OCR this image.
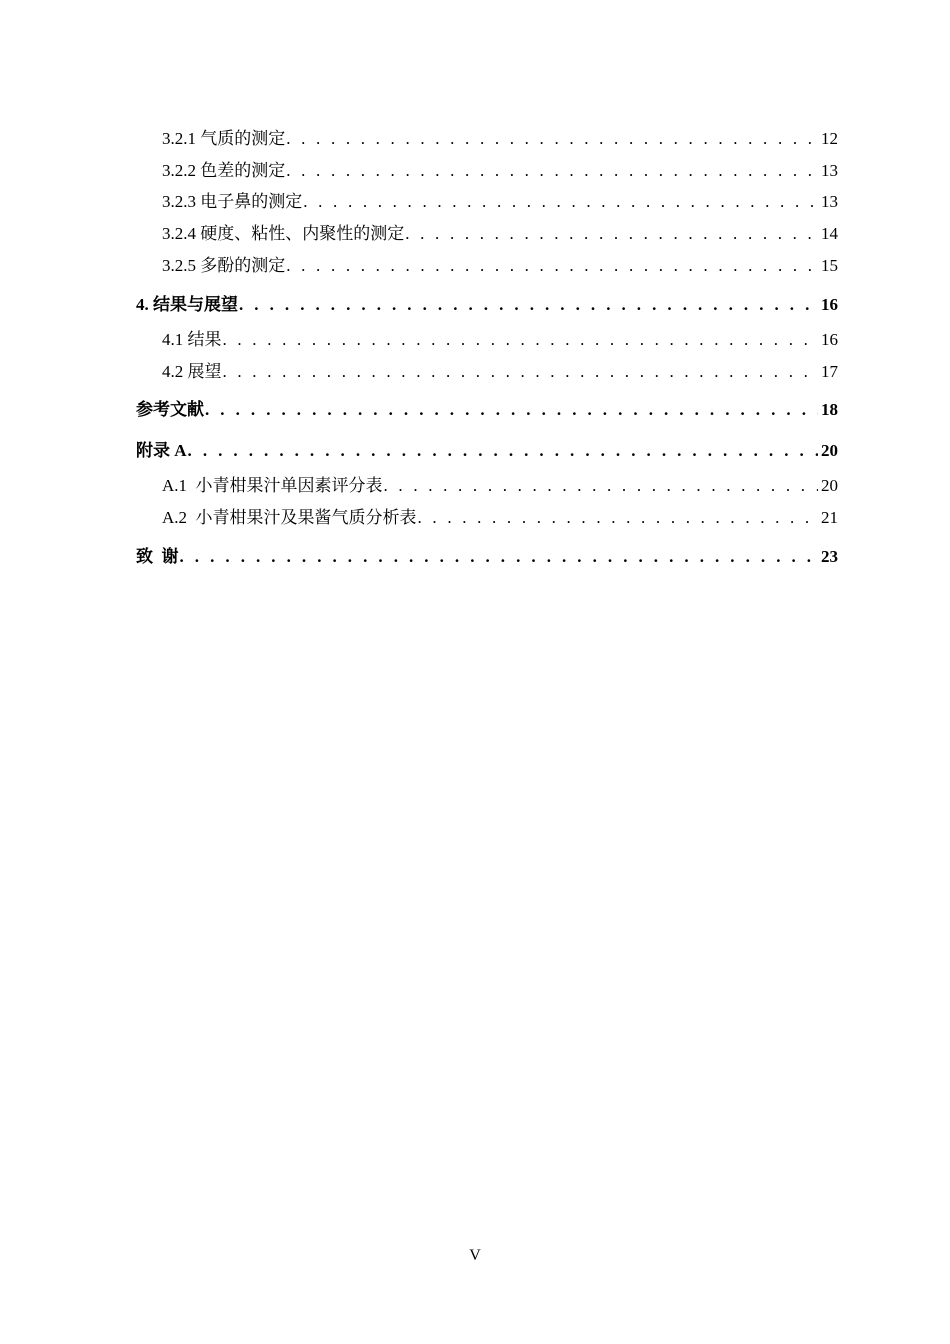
3.2.1 气质的测定 . . .	12
3.2.2 色差的测定 . . .	13
3.2.3 电子鼻的测定 . . .	13
3.2.4 硬度、粘性、内聚性的测定 . . .	14
3.2.5 多酚的测定 . . .	15
4. 结果与展望 . . .	16
4.1 结果 . . .	16
4.2 展望 . . .	17
参考文献 . . .	18
附录 A . . .	20
A.1  小青柑果汁单因素评分表 . . .	20
A.2  小青柑果汁及果酱气质分析表 . . .	21
致  谢 . . .	23
V
